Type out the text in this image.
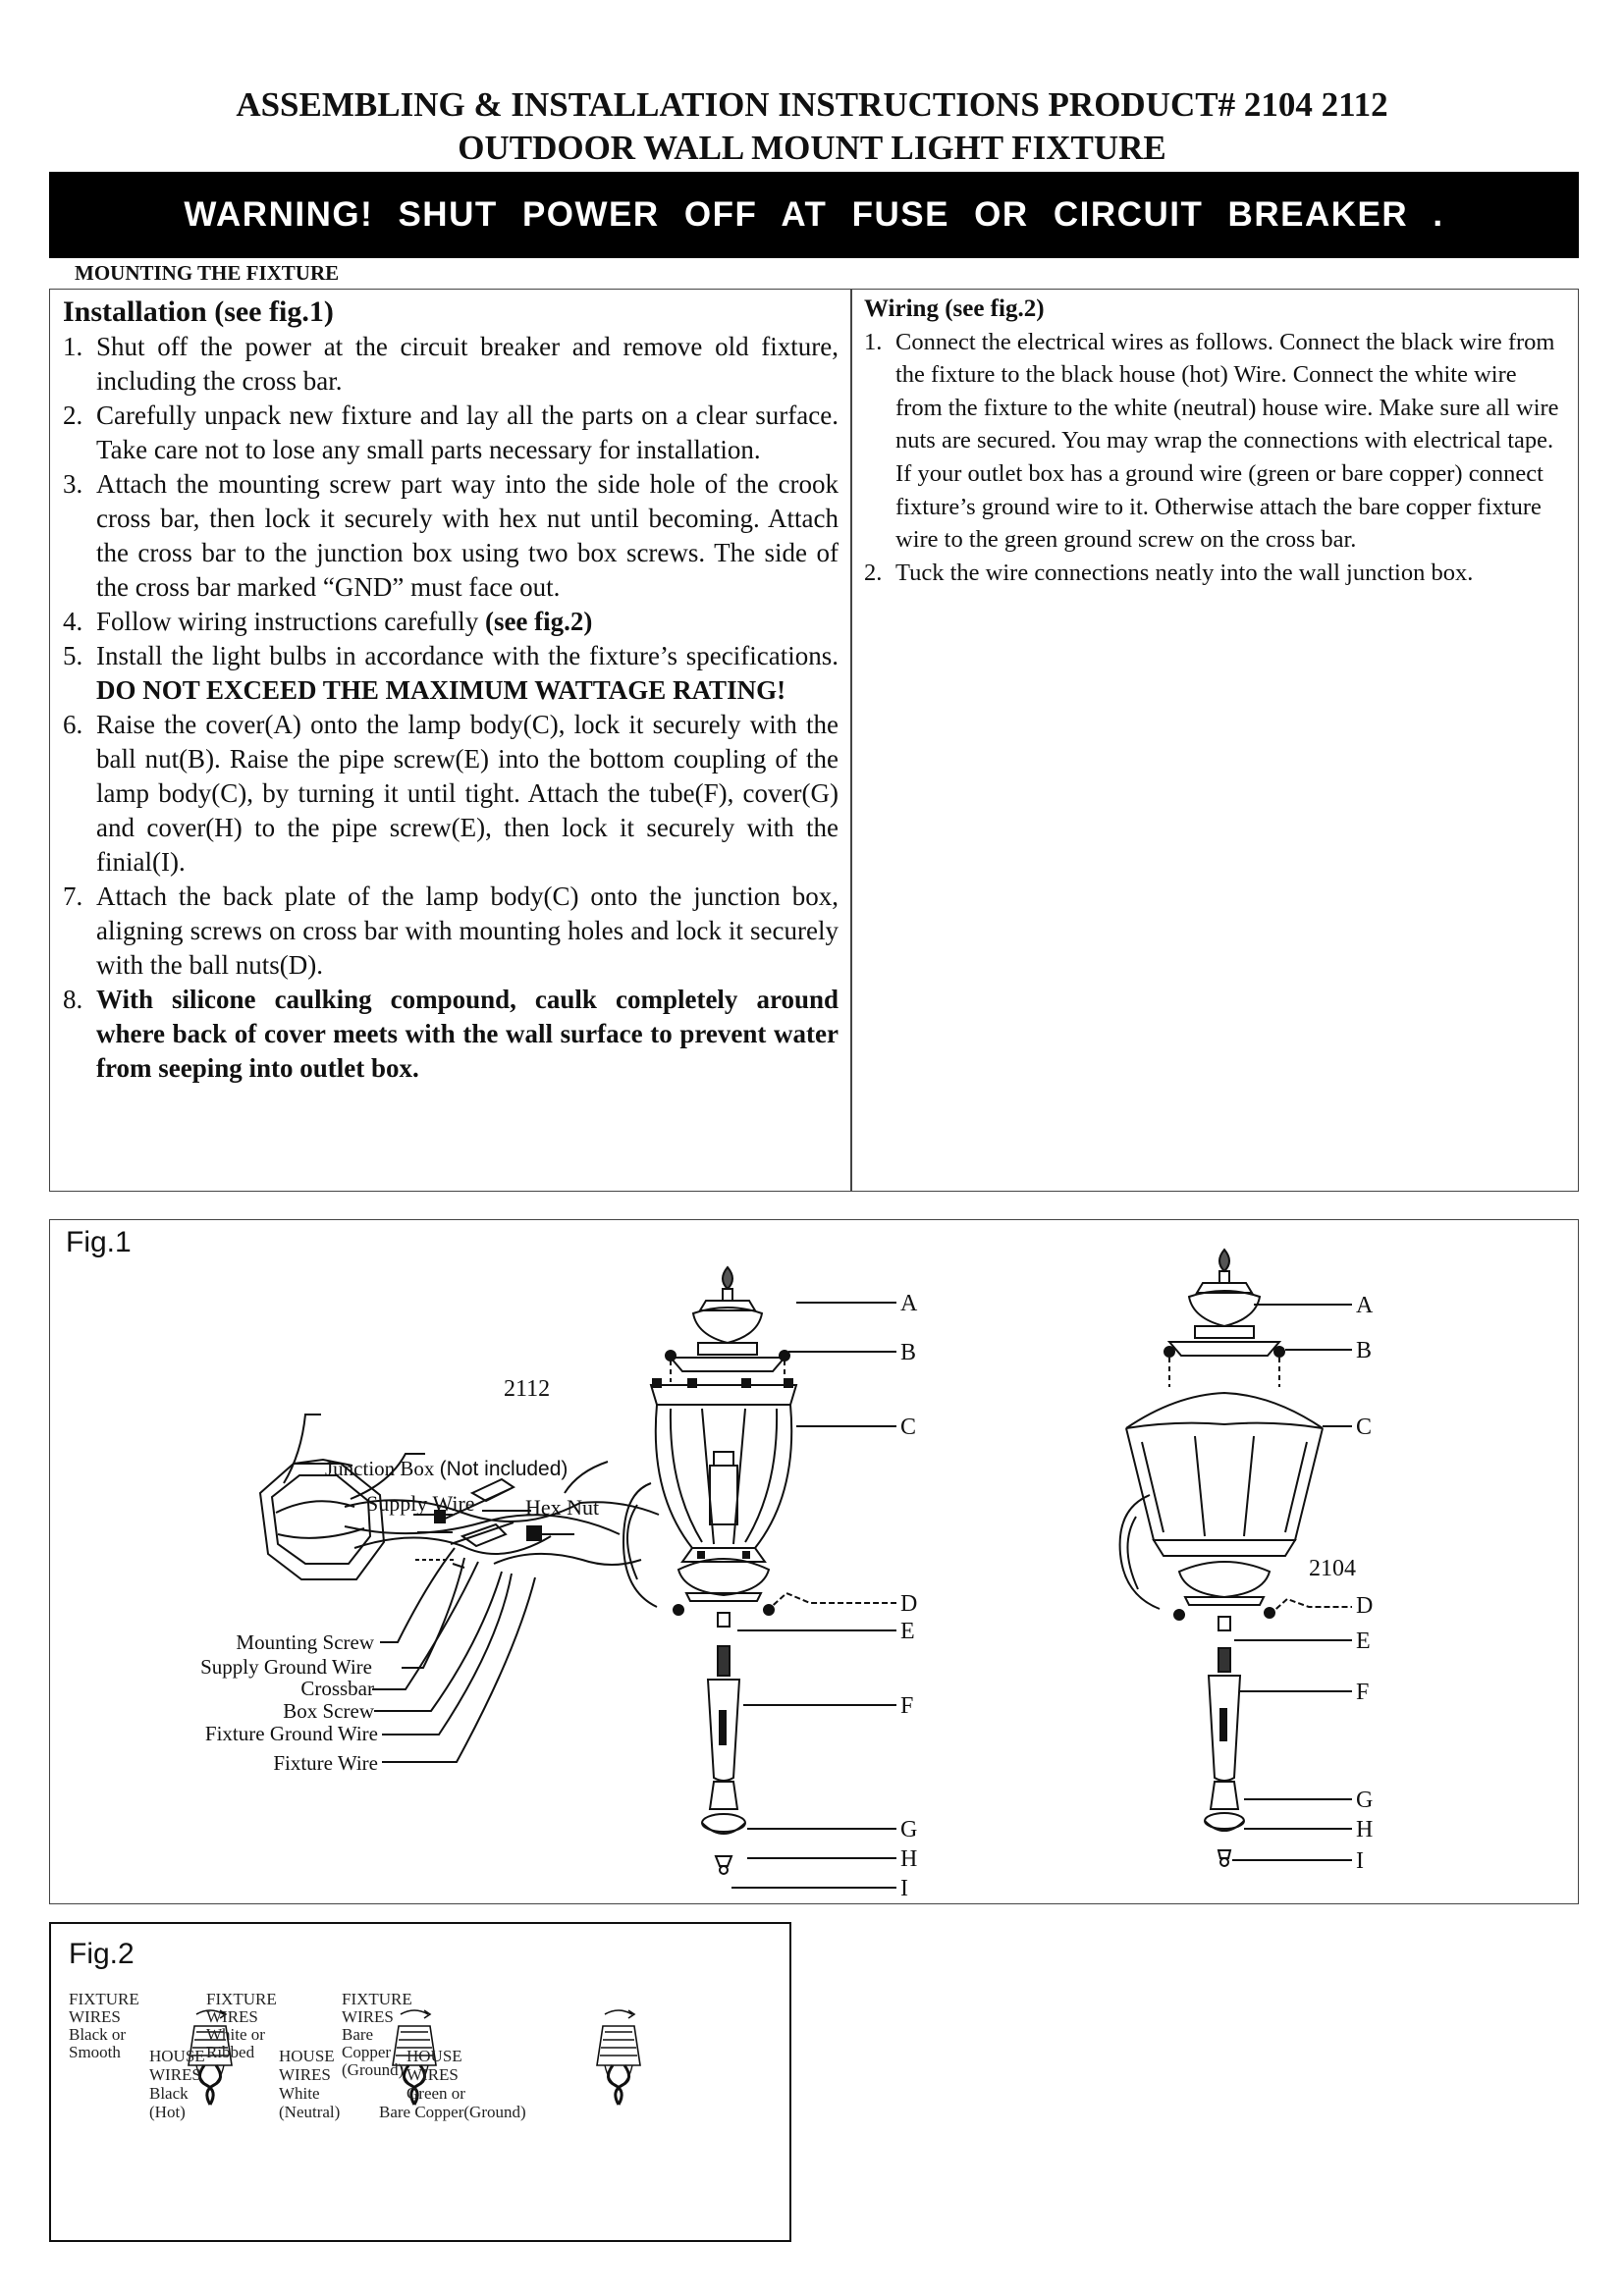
ASSEMBLING & INSTALLATION INSTRUCTIONS PRODUCT# 2104 2112
OUTDOOR WALL MOUNT LIGHT FIXTURE
WARNING! SHUT POWER OFF AT FUSE OR CIRCUIT BREAKER .
MOUNTING THE FIXTURE
Installation (see fig.1)
1. Shut off the power at the circuit breaker and remove old fixture, including the cross bar.
2. Carefully unpack new fixture and lay all the parts on a clear surface. Take care not to lose any small parts necessary for installation.
3. Attach the mounting screw part way into the side hole of the crook cross bar, then lock it securely with hex nut until becoming. Attach the cross bar to the junction box using two box screws. The side of the cross bar marked “GND” must face out.
4. Follow wiring instructions carefully (see fig.2)
5. Install the light bulbs in accordance with the fixture’s specifications. DO NOT EXCEED THE MAXIMUM WATTAGE RATING!
6. Raise the cover(A) onto the lamp body(C), lock it securely with the ball nut(B). Raise the pipe screw(E) into the bottom coupling of the lamp body(C), by turning it until tight. Attach the tube(F), cover(G) and cover(H) to the pipe screw(E), then lock it securely with the finial(I).
7. Attach the back plate of the lamp body(C) onto the junction box, aligning screws on cross bar with mounting holes and lock it securely with the ball nuts(D).
8. With silicone caulking compound, caulk completely around where back of cover meets with the wall surface to prevent water from seeping into outlet box.
Wiring (see fig.2)
1. Connect the electrical wires as follows. Connect the black wire from the fixture to the black house (hot) Wire. Connect the white wire from the fixture to the white (neutral) house wire. Make sure all wire nuts are secured. You may wrap the connections with electrical tape. If your outlet box has a ground wire (green or bare copper) connect fixture’s ground wire to it. Otherwise attach the bare copper fixture wire to the green ground screw on the cross bar.
2. Tuck the wire connections neatly into the wall junction box.
Fig.1
2112
2104
Junction Box (Not included)
Supply Wire Hex Nut
Mounting Screw
Supply Ground Wire
Crossbar
Box Screw
Fixture Ground Wire
Fixture Wire
A
B
C
D
E
F
G
H
I
A
B
C
D
E
F
G
H
I
Fig.2
FIXTURE
WIRES
Black or
Smooth HOUSE
WIRES
Black
(Hot)
FIXTURE
WIRES
White or
Ribbed HOUSE
WIRES
White
(Neutral)
FIXTURE
WIRES
Bare
Copper
(Ground)
HOUSE
WIRES
Green or
Bare Copper(Ground)
